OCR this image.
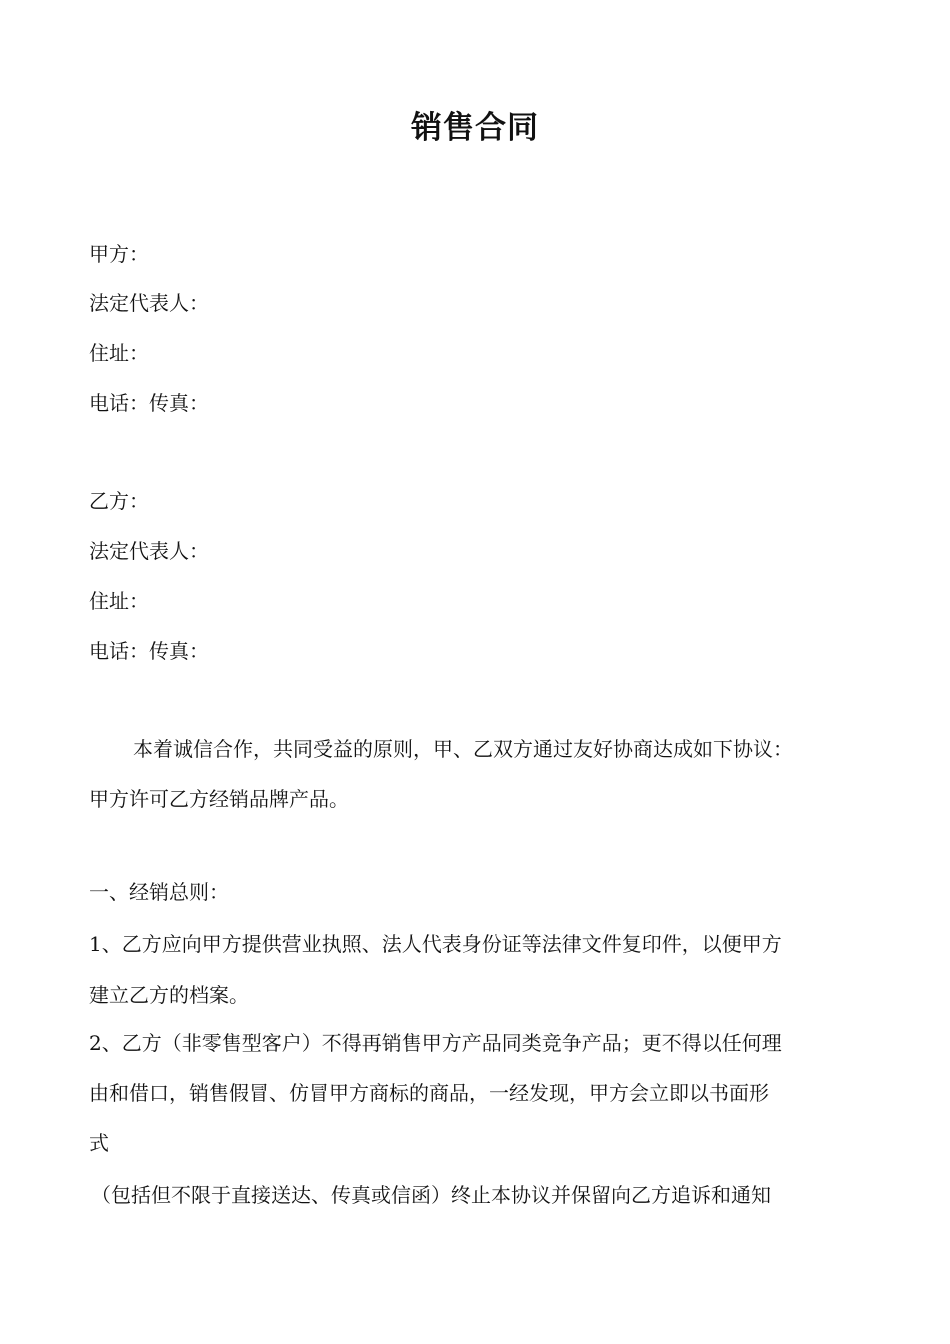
销售合同
甲方：
法定代表人：
住址：
电话：传真：
乙方：
法定代表人：
住址：
电话：传真：
本着诚信合作，共同受益的原则，甲、乙双方通过友好协商达成如下协议：
甲方许可乙方经销品牌产品。
一、经销总则：
1、乙方应向甲方提供营业执照、法人代表身份证等法律文件复印件，以便甲方
建立乙方的档案。
2、乙方（非零售型客户）不得再销售甲方产品同类竞争产品；更不得以任何理
由和借口，销售假冒、仿冒甲方商标的商品，一经发现，甲方会立即以书面形
式
（包括但不限于直接送达、传真或信函）终止本协议并保留向乙方追诉和通知
